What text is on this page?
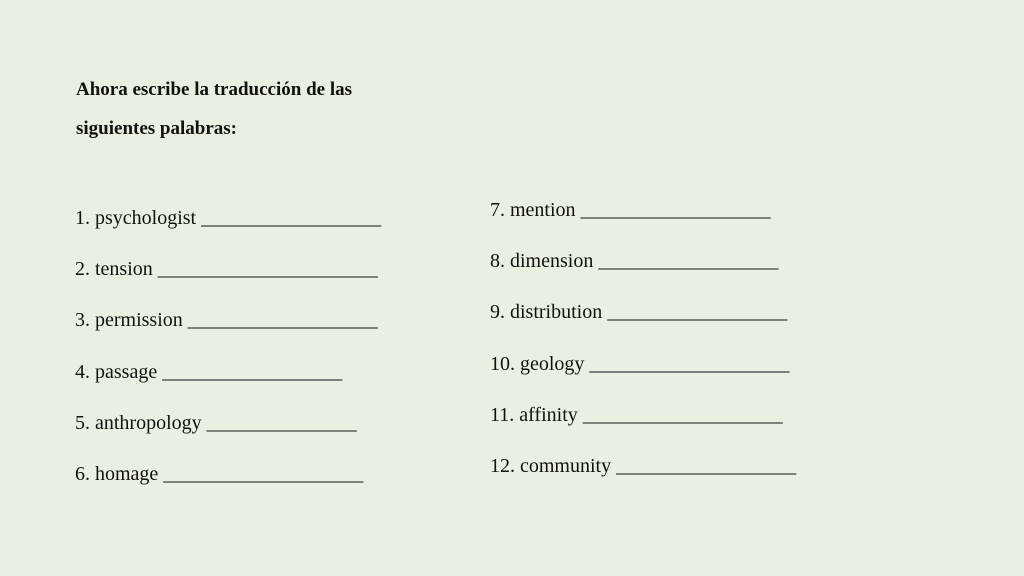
Ahora escribe la traducción de las
siguientes palabras:
1. psychologist __________________
2. tension ______________________
3. permission ___________________
4. passage __________________
5. anthropology _______________
6. homage ____________________
7. mention ___________________
8. dimension __________________
9. distribution __________________
10. geology ____________________
11. affinity ____________________
12. community __________________
